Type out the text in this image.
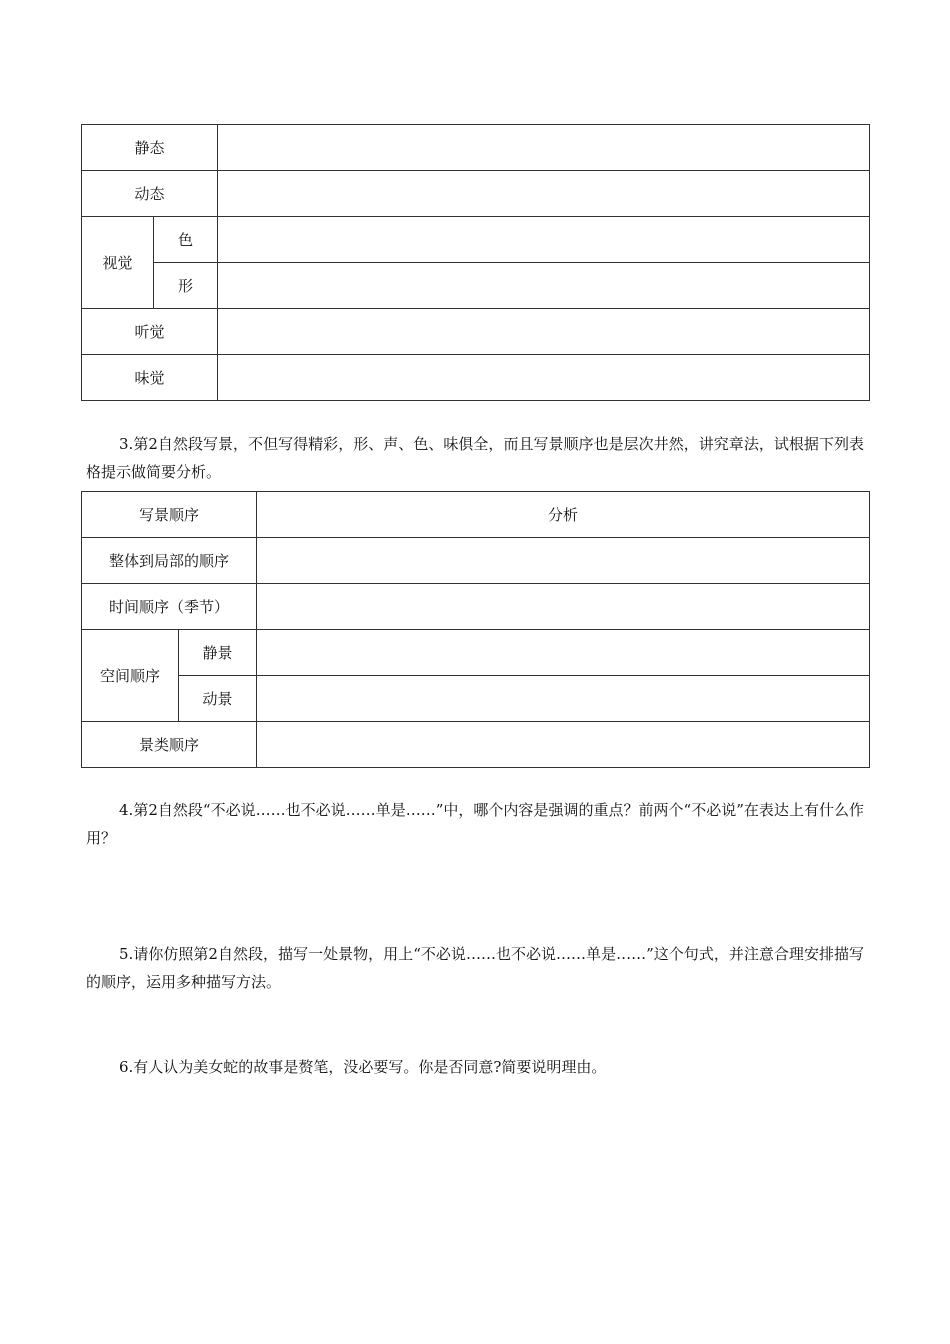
静态		
动态		
视觉	色	
	形	
听觉		
味觉		

3.第2自然段写景，不但写得精彩，形、声、色、味俱全，而且写景顺序也是层次井然，讲究章法，试根据下列表格提示做简要分析。

写景顺序		分析
整体到局部的顺序		
时间顺序（季节）		
空间顺序	静景	
	动景	
景类顺序		

4.第2自然段“不必说……也不必说……单是……”中，哪个内容是强调的重点？前两个“不必说”在表达上有什么作用？

5.请你仿照第2自然段，描写一处景物，用上“不必说……也不必说……单是……”这个句式，并注意合理安排描写的顺序，运用多种描写方法。

6.有人认为美女蛇的故事是赘笔，没必要写。你是否同意?简要说明理由。
